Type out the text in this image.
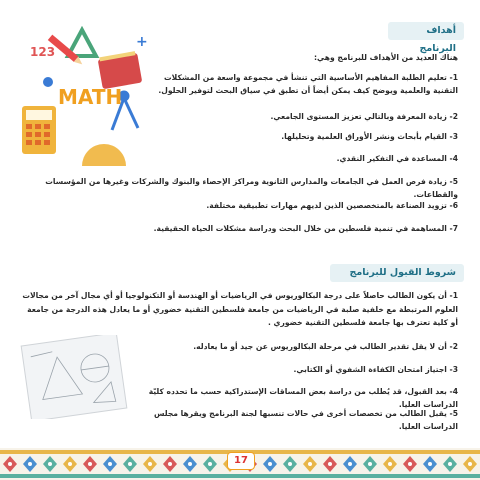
أهداف البرنامج
هناك العديد من الأهداف للبرنامج وهي:
1- تعليم الطلبة المفاهيم الأساسية التي تنشأ في مجموعة واسعة من المشكلات التقنية والعلمية ويوضح كيف يمكن أيضاً أن تطبق في سياق البحث لتوفير الحلول.
2- زيادة المعرفة وبالتالي تعزيز المستوى الجامعي.
3- القيام بأبحاث ونشر الأوراق العلمية وتحليلها.
4- المساعدة في التفكير النقدي.
5- زيادة فرص العمل في الجامعات والمدارس الثانوية ومراكز الإحصاء والبنوك والشركات وغيرها من المؤسسات والقطاعات.
6- تزويد الصناعة بالمتخصصين الذين لديهم مهارات تطبيقية مختلفة.
7- المساهمة في تنمية فلسطين من خلال البحث ودراسة مشكلات الحياة الحقيقية.
MATH
123
+
شروط القبول للبرنامج
1- أن يكون الطالب حاصلاً على درجة البكالوريوس في الرياضيات أو الهندسة أو التكنولوجيا أو أي مجال آخر من مجالات العلوم المرتبطة مع خلفية صلبة في الرياضيات من جامعة فلسطين التقنية خضوري أو ما يعادل هذه الدرجة من جامعة أو كلية تعترف بها جامعة فلسطين التقنية خضوري .
2- أن لا يقل تقدير الطالب في مرحلة البكالوريوس عن جيد أو ما يعادله.
3- اجتياز امتحان الكفاءة الشفوي أو الكتابي.
4- بعد القبول، قد يُطلب من دراسة بعض المساقات الإستدراكية حسب ما تحدده كليّة الدراسات العليا.
5- يقبل الطالب من تخصصات أخرى في حالات تنسبها لجنة البرنامج ويقرها مجلس الدراسات العليا.
17
